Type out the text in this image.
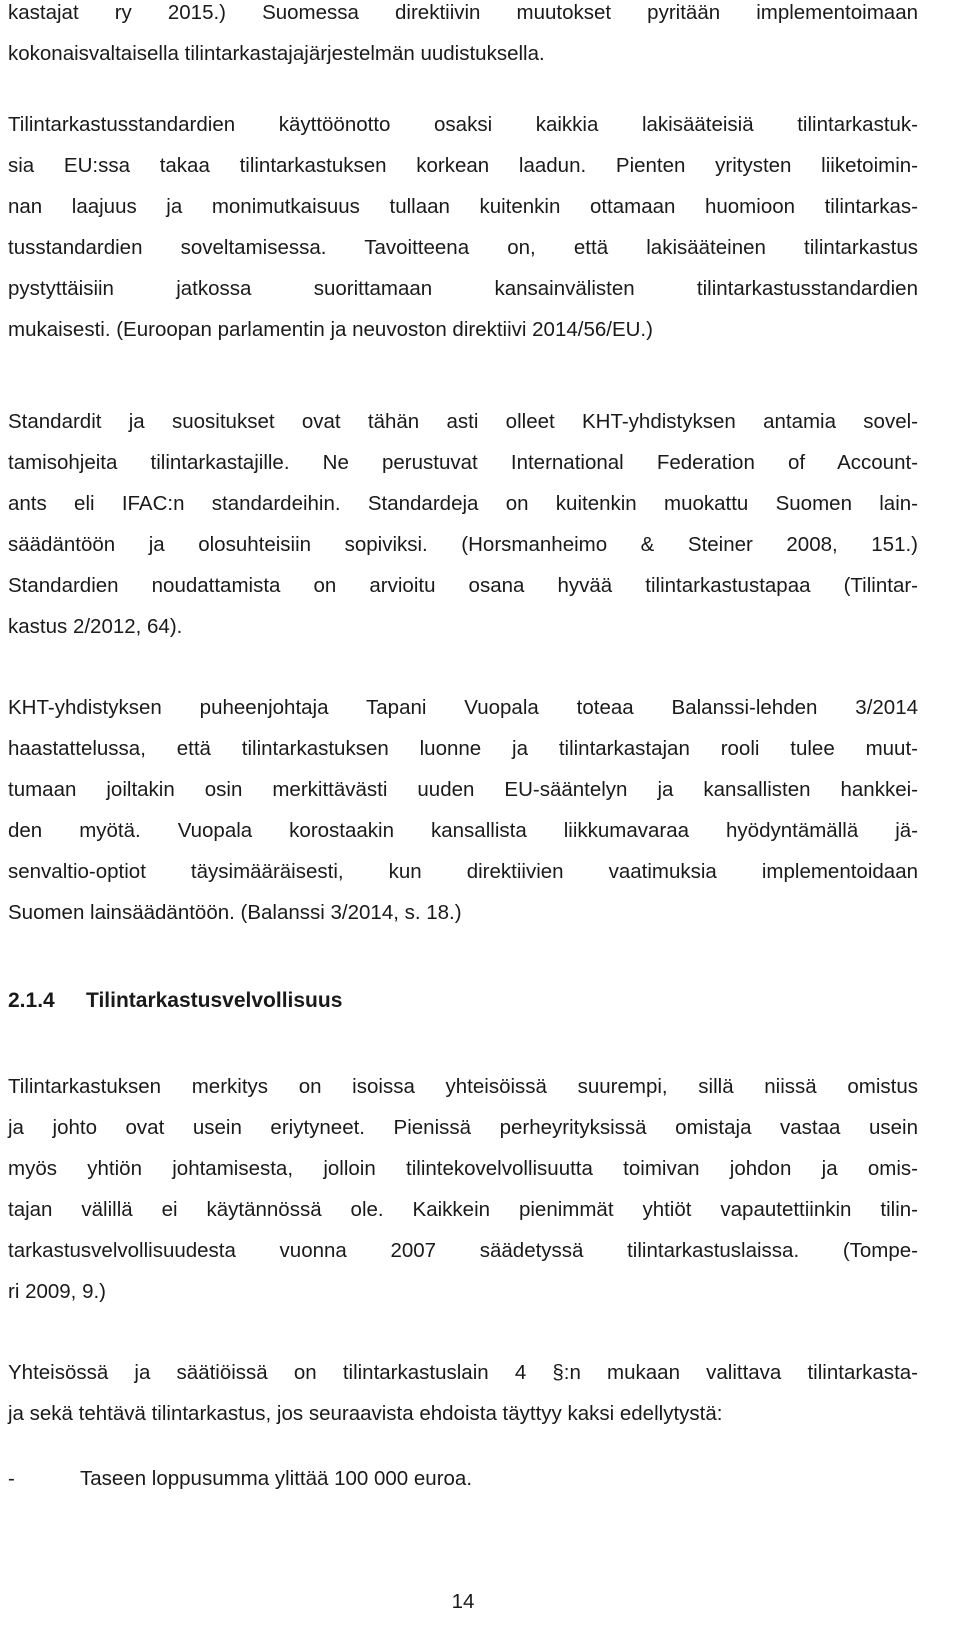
kastajat ry 2015.) Suomessa direktiivin muutokset pyritään implementoimaan
kokonaisvaltaisella tilintarkastajajärjestelmän uudistuksella.
Tilintarkastusstandardien käyttöönotto osaksi kaikkia lakisääteisiä tilintarkastuk-
sia EU:ssa takaa tilintarkastuksen korkean laadun. Pienten yritysten liiketoimin-
nan laajuus ja monimutkaisuus tullaan kuitenkin ottamaan huomioon tilintarkas-
tusstandardien soveltamisessa. Tavoitteena on, että lakisääteinen tilintarkastus
pystyttäisiin jatkossa suorittamaan kansainvälisten tilintarkastusstandardien
mukaisesti. (Euroopan parlamentin ja neuvoston direktiivi 2014/56/EU.)
Standardit ja suositukset ovat tähän asti olleet KHT-yhdistyksen antamia sovel-
tamisohjeita tilintarkastajille. Ne perustuvat International Federation of Account-
ants eli IFAC:n standardeihin. Standardeja on kuitenkin muokattu Suomen lain-
säädäntöön ja olosuhteisiin sopiviksi. (Horsmanheimo & Steiner 2008, 151.)
Standardien noudattamista on arvioitu osana hyvää tilintarkastustapaa (Tilintar-
kastus 2/2012, 64).
KHT-yhdistyksen puheenjohtaja Tapani Vuopala toteaa Balanssi-lehden 3/2014
haastattelussa, että tilintarkastuksen luonne ja tilintarkastajan rooli tulee muut-
tumaan joiltakin osin merkittävästi uuden EU-sääntelyn ja kansallisten hankkei-
den myötä. Vuopala korostaakin kansallista liikkumavaraa hyödyntämällä jä-
senvaltio-optiot täysimääräisesti, kun direktiivien vaatimuksia implementoidaan
Suomen lainsäädäntöön. (Balanssi 3/2014, s. 18.)
2.1.4 Tilintarkastusvelvollisuus
Tilintarkastuksen merkitys on isoissa yhteisöissä suurempi, sillä niissä omistus
ja johto ovat usein eriytyneet. Pienissä perheyrityksissä omistaja vastaa usein
myös yhtiön johtamisesta, jolloin tilintekovelvollisuutta toimivan johdon ja omis-
tajan välillä ei käytännössä ole. Kaikkein pienimmät yhtiöt vapautettiinkin tilin-
tarkastusvelvollisuudesta vuonna 2007 säädetyssä tilintarkastuslaissa. (Tompe-
ri 2009, 9.)
Yhteisössä ja säätiöissä on tilintarkastuslain 4 §:n mukaan valittava tilintarkasta-
ja sekä tehtävä tilintarkastus, jos seuraavista ehdoista täyttyy kaksi edellytystä:
-	Taseen loppusumma ylittää 100 000 euroa.
14
